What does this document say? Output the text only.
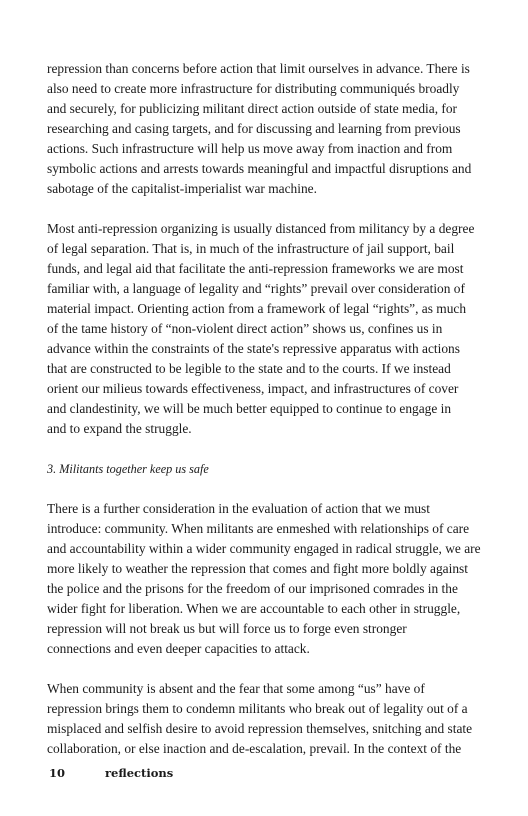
repression than concerns before action that limit ourselves in advance. There is
also need to create more infrastructure for distributing communiqués broadly
and securely, for publicizing militant direct action outside of state media, for
researching and casing targets, and for discussing and learning from previous
actions. Such infrastructure will help us move away from inaction and from
symbolic actions and arrests towards meaningful and impactful disruptions and
sabotage of the capitalist-imperialist war machine.

Most anti-repression organizing is usually distanced from militancy by a degree
of legal separation. That is, in much of the infrastructure of jail support, bail
funds, and legal aid that facilitate the anti-repression frameworks we are most
familiar with, a language of legality and “rights” prevail over consideration of
material impact. Orienting action from a framework of legal “rights”, as much
of the tame history of “non-violent direct action” shows us, confines us in
advance within the constraints of the state's repressive apparatus with actions
that are constructed to be legible to the state and to the courts. If we instead
orient our milieus towards effectiveness, impact, and infrastructures of cover
and clandestinity, we will be much better equipped to continue to engage in
and to expand the struggle.

3. Militants together keep us safe

There is a further consideration in the evaluation of action that we must
introduce: community. When militants are enmeshed with relationships of care
and accountability within a wider community engaged in radical struggle, we are
more likely to weather the repression that comes and fight more boldly against
the police and the prisons for the freedom of our imprisoned comrades in the
wider fight for liberation. When we are accountable to each other in struggle,
repression will not break us but will force us to forge even stronger
connections and even deeper capacities to attack.

When community is absent and the fear that some among “us” have of
repression brings them to condemn militants who break out of legality out of a
misplaced and selfish desire to avoid repression themselves, snitching and state
collaboration, or else inaction and de-escalation, prevail. In the context of the

10	reflections
